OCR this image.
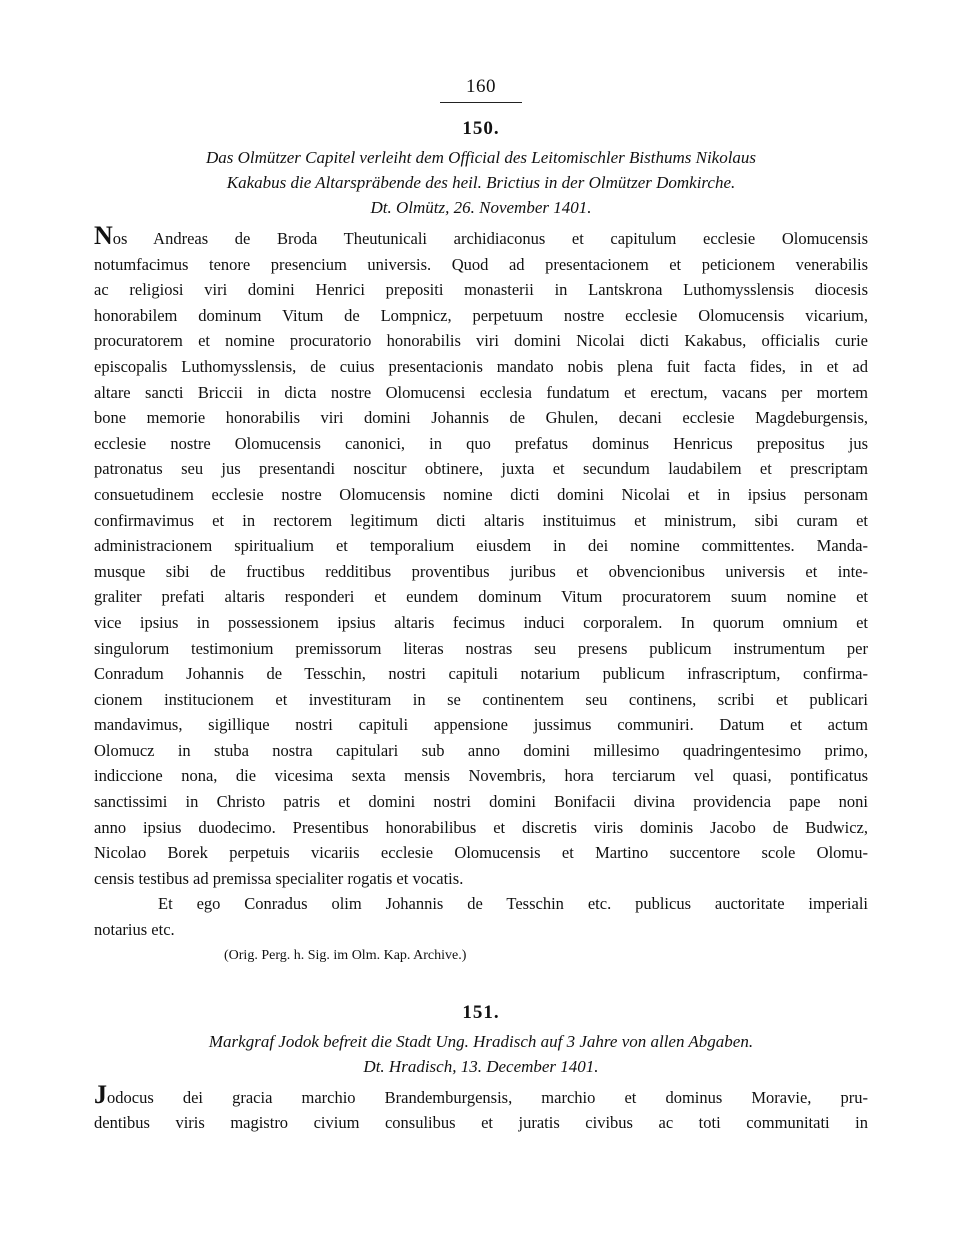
160
150.
Das Olmützer Capitel verleiht dem Official des Leitomischler Bisthums Nikolaus
Kakabus die Altarspräbende des heil. Brictius in der Olmützer Domkirche.
Dt. Olmütz, 26. November 1401.
Nos Andreas de Broda Theutunicali archidiaconus et capitulum ecclesie Olomucensis
notumfacimus tenore presencium universis. Quod ad presentacionem et peticionem venerabilis
ac religiosi viri domini Henrici prepositi monasterii in Lantskrona Luthomysslensis diocesis
honorabilem dominum Vitum de Lompnicz, perpetuum nostre ecclesie Olomucensis vicarium,
procuratorem et nomine procuratorio honorabilis viri domini Nicolai dicti Kakabus, officialis curie
episcopalis Luthomysslensis, de cuius presentacionis mandato nobis plena fuit facta fides, in et ad
altare sancti Briccii in dicta nostre Olomucensi ecclesia fundatum et erectum, vacans per mortem
bone memorie honorabilis viri domini Johannis de Ghulen, decani ecclesie Magdeburgensis,
ecclesie nostre Olomucensis canonici, in quo prefatus dominus Henricus prepositus jus
patronatus seu jus presentandi noscitur obtinere, juxta et secundum laudabilem et prescriptam
consuetudinem ecclesie nostre Olomucensis nomine dicti domini Nicolai et in ipsius personam
confirmavimus et in rectorem legitimum dicti altaris instituimus et ministrum, sibi curam et
administracionem spiritualium et temporalium eiusdem in dei nomine committentes. Manda-
musque sibi de fructibus redditibus proventibus juribus et obvencionibus universis et inte-
graliter prefati altaris responderi et eundem dominum Vitum procuratorem suum nomine et
vice ipsius in possessionem ipsius altaris fecimus induci corporalem. In quorum omnium et
singulorum testimonium premissorum literas nostras seu presens publicum instrumentum per
Conradum Johannis de Tesschin, nostri capituli notarium publicum infrascriptum, confirma-
cionem institucionem et investituram in se continentem seu continens, scribi et publicari
mandavimus, sigillique nostri capituli appensione jussimus communiri. Datum et actum
Olomucz in stuba nostra capitulari sub anno domini millesimo quadringentesimo primo,
indiccione nona, die vicesima sexta mensis Novembris, hora terciarum vel quasi, pontificatus
sanctissimi in Christo patris et domini nostri domini Bonifacii divina providencia pape noni
anno ipsius duodecimo. Presentibus honorabilibus et discretis viris dominis Jacobo de Budwicz,
Nicolao Borek perpetuis vicariis ecclesie Olomucensis et Martino succentore scole Olomu-
censis testibus ad premissa specialiter rogatis et vocatis.
Et ego Conradus olim Johannis de Tesschin etc. publicus auctoritate imperiali
notarius etc.
(Orig. Perg. h. Sig. im Olm. Kap. Archive.)
151.
Markgraf Jodok befreit die Stadt Ung. Hradisch auf 3 Jahre von allen Abgaben.
Dt. Hradisch, 13. December 1401.
Jodocus dei gracia marchio Brandemburgensis, marchio et dominus Moravie, pru-
dentibus viris magistro civium consulibus et juratis civibus ac toti communitati in
